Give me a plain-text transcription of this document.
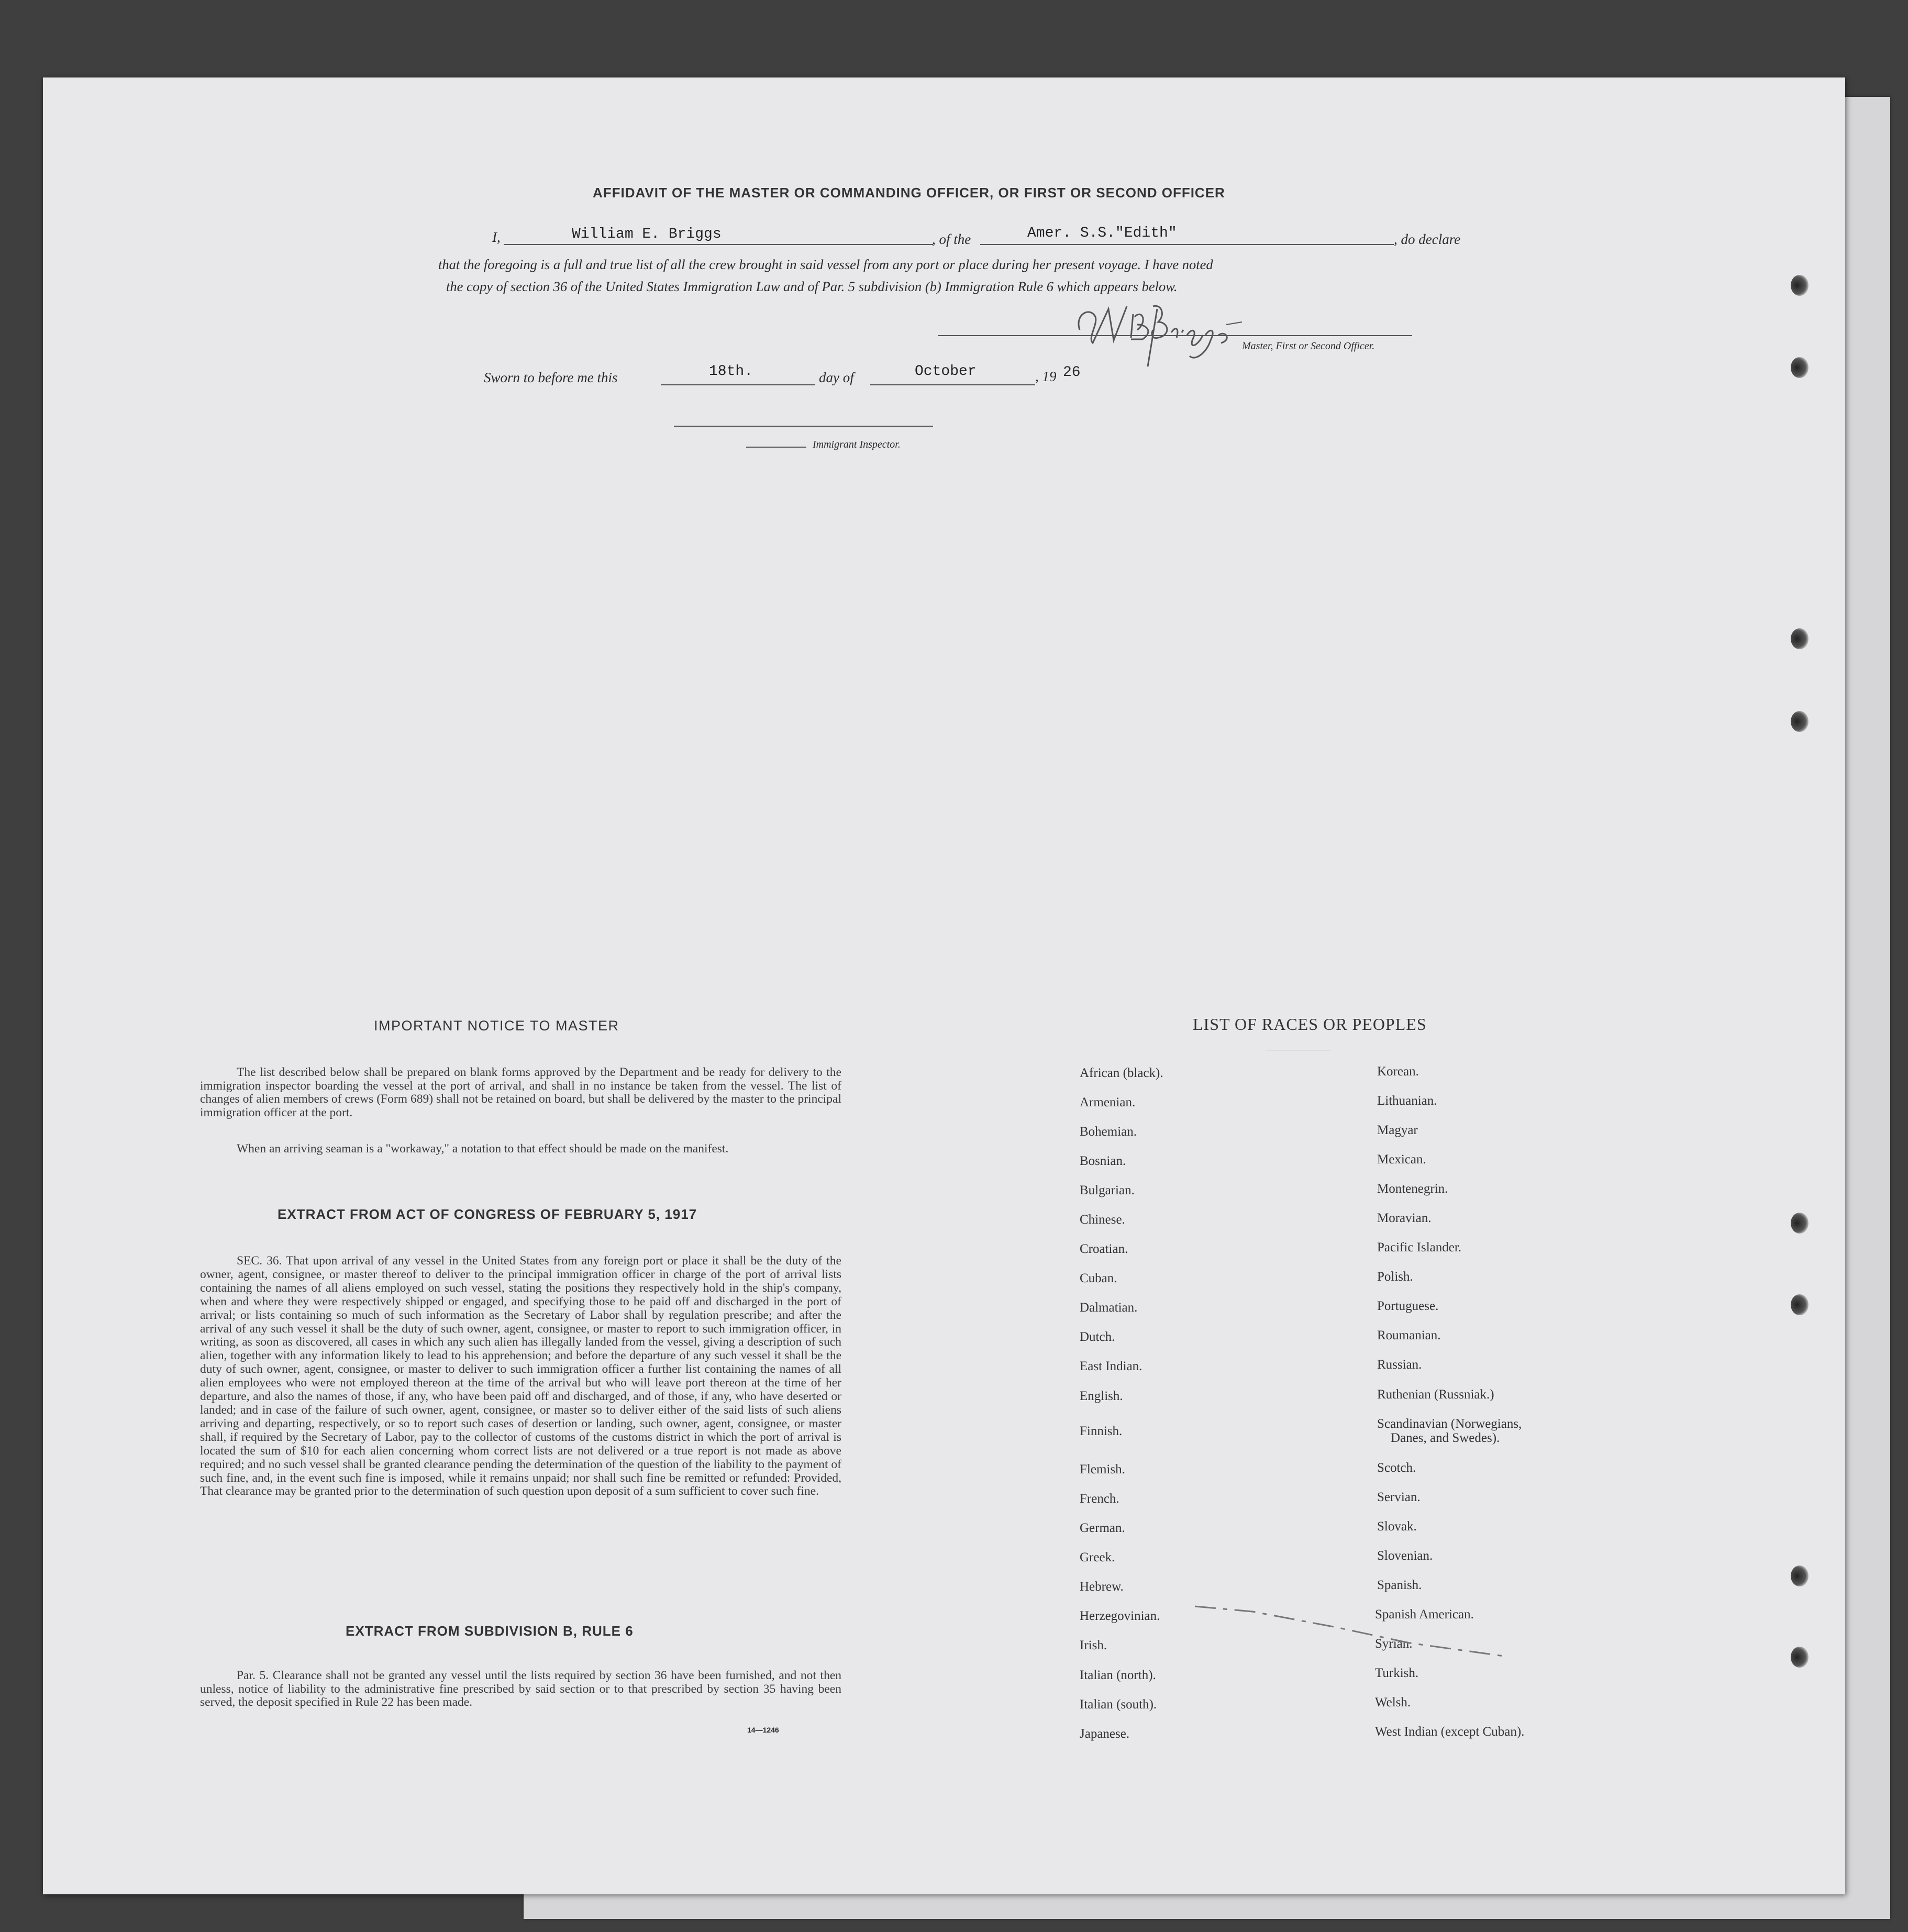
AFFIDAVIT OF THE MASTER OR COMMANDING OFFICER, OR FIRST OR SECOND OFFICER
I,	William E. Briggs	, of the	Amer. S.S."Edith"	, do declare
that the foregoing is a full and true list of all the crew brought in said vessel from any port or place during her present voyage. I have noted
the copy of section 36 of the United States Immigration Law and of Par. 5 subdivision (b) Immigration Rule 6 which appears below.
Master, First or Second Officer.
Sworn to before me this	18th.	day of	October	, 19 26
Immigrant Inspector.
IMPORTANT NOTICE TO MASTER
The list described below shall be prepared on blank forms approved by the Department and be ready for delivery to the immigration inspector boarding the vessel at the port of arrival, and shall in no instance be taken from the vessel. The list of changes of alien members of crews (Form 689) shall not be retained on board, but shall be delivered by the master to the principal immigration officer at the port.
When an arriving seaman is a "workaway," a notation to that effect should be made on the manifest.
EXTRACT FROM ACT OF CONGRESS OF FEBRUARY 5, 1917
SEC. 36. That upon arrival of any vessel in the United States from any foreign port or place it shall be the duty of the owner, agent, consignee, or master thereof to deliver to the principal immigration officer in charge of the port of arrival lists containing the names of all aliens employed on such vessel, stating the positions they respectively hold in the ship's company, when and where they were respectively shipped or engaged, and specifying those to be paid off and discharged in the port of arrival; or lists containing so much of such information as the Secretary of Labor shall by regulation prescribe; and after the arrival of any such vessel it shall be the duty of such owner, agent, consignee, or master to report to such immigration officer, in writing, as soon as discovered, all cases in which any such alien has illegally landed from the vessel, giving a description of such alien, together with any information likely to lead to his apprehension; and before the departure of any such vessel it shall be the duty of such owner, agent, consignee, or master to deliver to such immigration officer a further list containing the names of all alien employees who were not employed thereon at the time of the arrival but who will leave port thereon at the time of her departure, and also the names of those, if any, who have been paid off and discharged, and of those, if any, who have deserted or landed; and in case of the failure of such owner, agent, consignee, or master so to deliver either of the said lists of such aliens arriving and departing, respectively, or so to report such cases of desertion or landing, such owner, agent, consignee, or master shall, if required by the Secretary of Labor, pay to the collector of customs of the customs district in which the port of arrival is located the sum of $10 for each alien concerning whom correct lists are not delivered or a true report is not made as above required; and no such vessel shall be granted clearance pending the determination of the question of the liability to the payment of such fine, and, in the event such fine is imposed, while it remains unpaid; nor shall such fine be remitted or refunded: Provided, That clearance may be granted prior to the determination of such question upon deposit of a sum sufficient to cover such fine.
EXTRACT FROM SUBDIVISION B, RULE 6
Par. 5. Clearance shall not be granted any vessel until the lists required by section 36 have been furnished, and not then unless, notice of liability to the administrative fine prescribed by said section or to that prescribed by section 35 having been served, the deposit specified in Rule 22 has been made.
14—1246
LIST OF RACES OR PEOPLES
African (black).
Armenian.
Bohemian.
Bosnian.
Bulgarian.
Chinese.
Croatian.
Cuban.
Dalmatian.
Dutch.
East Indian.
English.
Finnish.
Flemish.
French.
German.
Greek.
Hebrew.
Herzegovinian.
Irish.
Italian (north).
Italian (south).
Japanese.
Korean.
Lithuanian.
Magyar
Mexican.
Montenegrin.
Moravian.
Pacific Islander.
Polish.
Portuguese.
Roumanian.
Russian.
Ruthenian (Russniak.)
Scandinavian (Norwegians,
Danes, and Swedes).
Scotch.
Servian.
Slovak.
Slovenian.
Spanish.
Spanish American.
Syrian.
Turkish.
Welsh.
West Indian (except Cuban).
